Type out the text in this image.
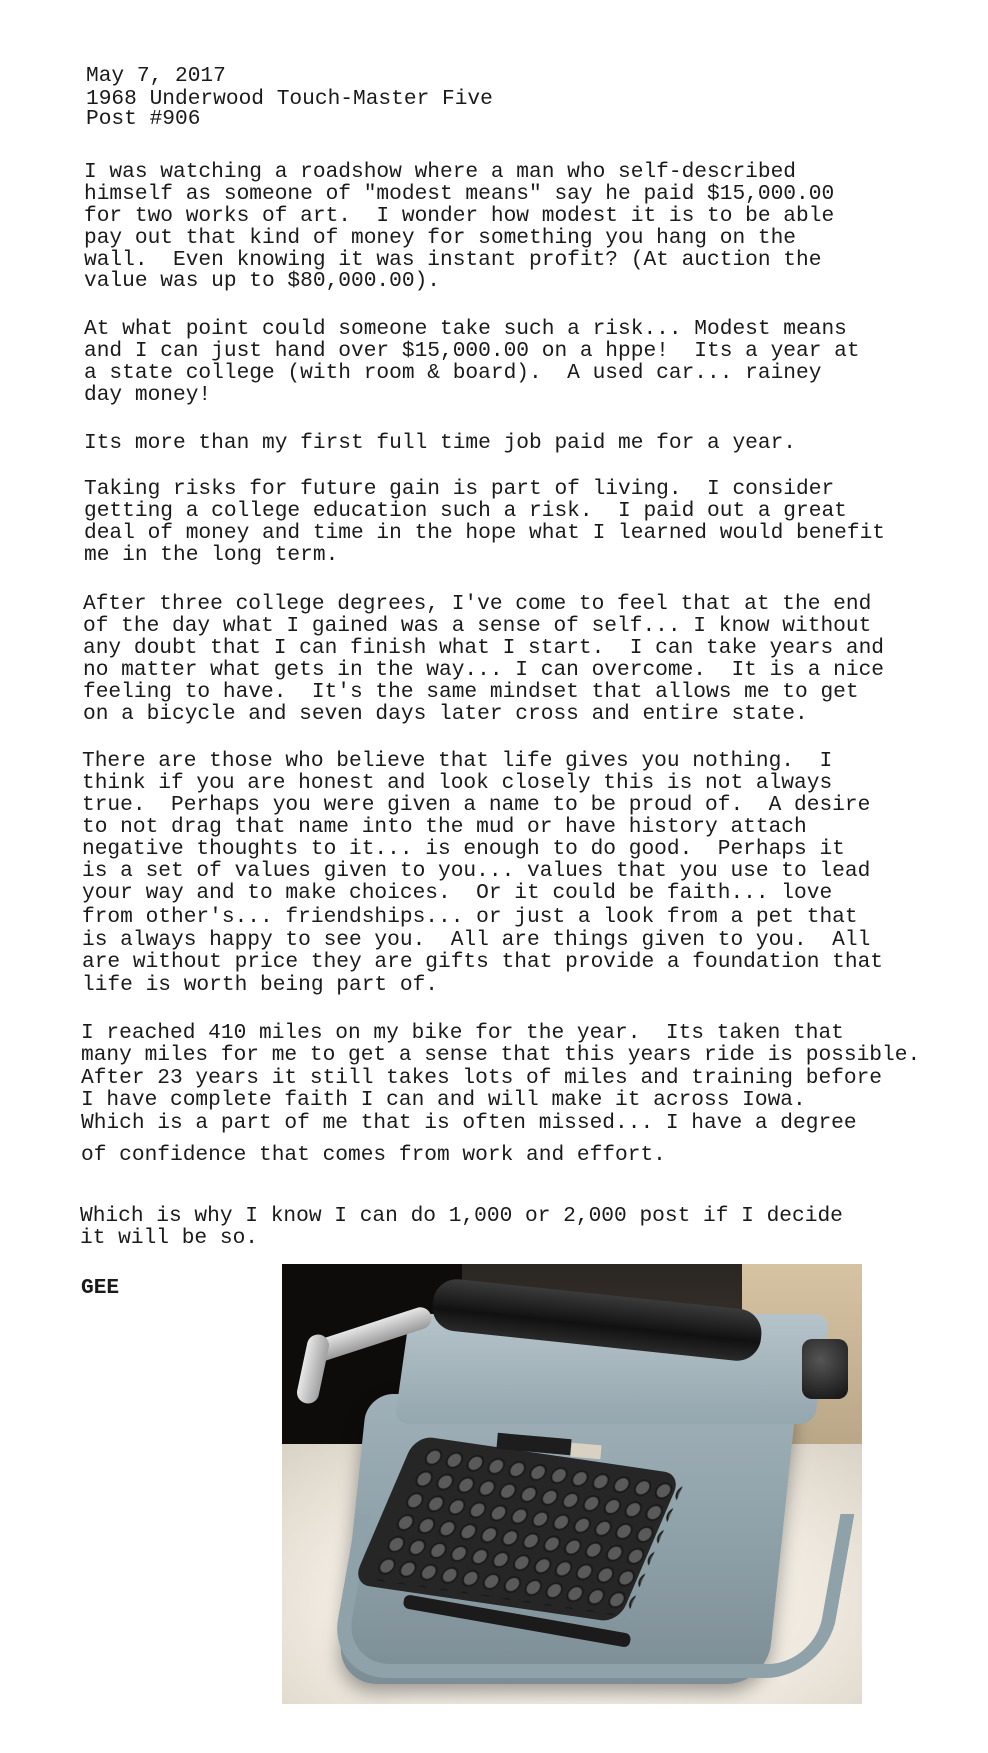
May 7, 2017
1968 Underwood Touch-Master Five
Post #906
I was watching a roadshow where a man who self-described
himself as someone of "modest means" say he paid $15,000.00
for two works of art.  I wonder how modest it is to be able
pay out that kind of money for something you hang on the
wall.  Even knowing it was instant profit? (At auction the
value was up to $80,000.00).
At what point could someone take such a risk... Modest means
and I can just hand over $15,000.00 on a hppe!  Its a year at
a state college (with room & board).  A used car... rainey
day money!
Its more than my first full time job paid me for a year.
Taking risks for future gain is part of living.  I consider
getting a college education such a risk.  I paid out a great
deal of money and time in the hope what I learned would benefit
me in the long term.
After three college degrees, I've come to feel that at the end
of the day what I gained was a sense of self... I know without
any doubt that I can finish what I start.  I can take years and
no matter what gets in the way... I can overcome.  It is a nice
feeling to have.  It's the same mindset that allows me to get
on a bicycle and seven days later cross and entire state.
There are those who believe that life gives you nothing.  I
think if you are honest and look closely this is not always
true.  Perhaps you were given a name to be proud of.  A desire
to not drag that name into the mud or have history attach
negative thoughts to it... is enough to do good.  Perhaps it
is a set of values given to you... values that you use to lead
your way and to make choices.  Or it could be faith... love
from other's... friendships... or just a look from a pet that
is always happy to see you.  All are things given to you.  All
are without price they are gifts that provide a foundation that
life is worth being part of.
I reached 410 miles on my bike for the year.  Its taken that
many miles for me to get a sense that this years ride is possible.
After 23 years it still takes lots of miles and training before
I have complete faith I can and will make it across Iowa.
Which is a part of me that is often missed... I have a degree
of confidence that comes from work and effort.
Which is why I know I can do 1,000 or 2,000 post if I decide
it will be so.
GEE
